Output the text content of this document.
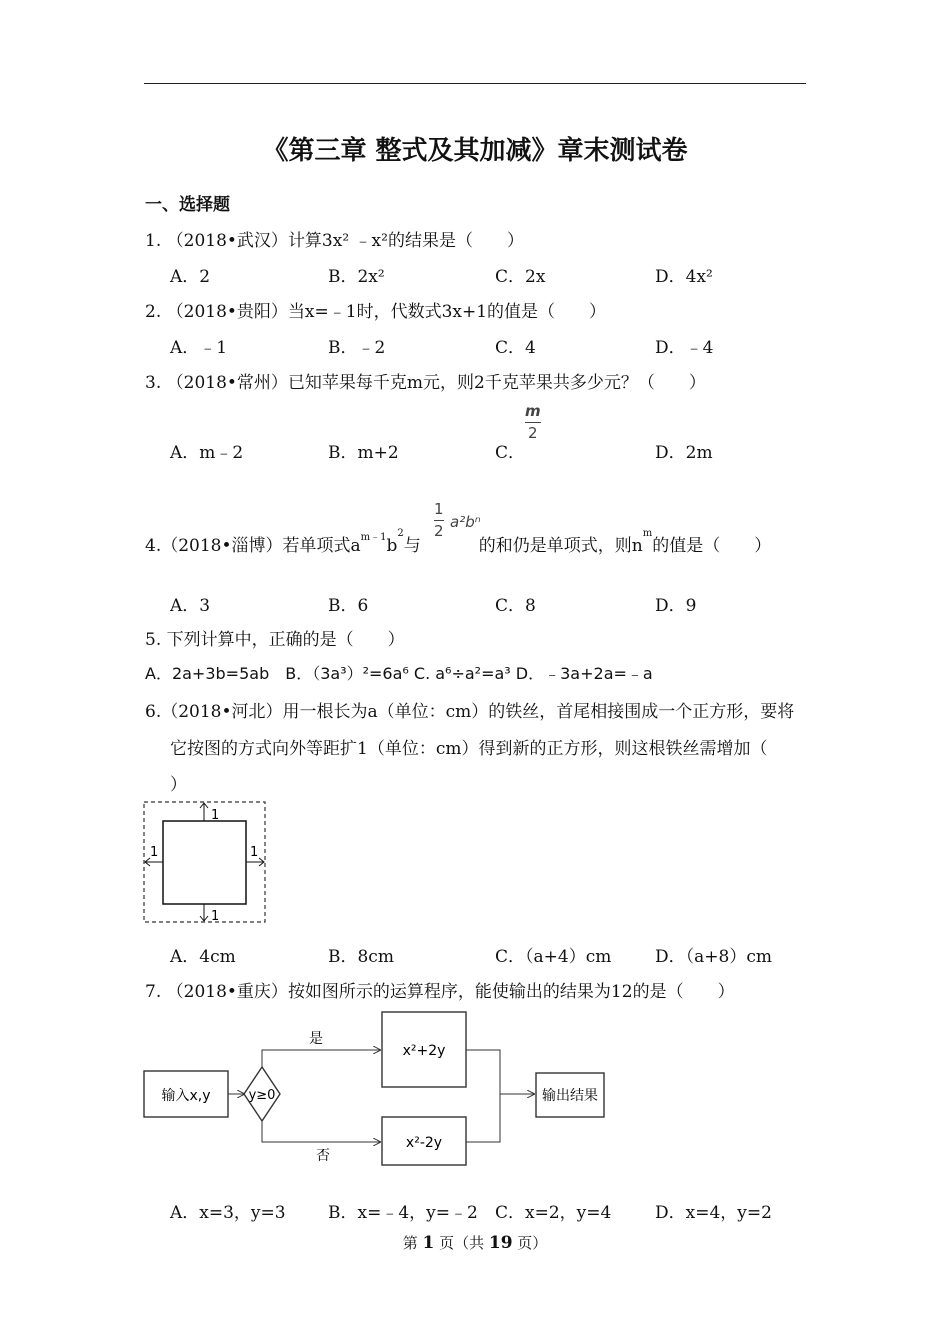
《第三章 整式及其加减》章末测试卷
一、选择题
1. （2018•武汉）计算3x² ﹣x²的结果是（　　）
A．2	B．2x²	C．2x	D．4x²
2. （2018•贵阳）当x=﹣1时，代数式3x+1的值是（　　）
A．﹣1	B．﹣2	C．4	D．﹣4
3. （2018•常州）已知苹果每千克m元，则2千克苹果共多少元？（　　）
A．m﹣2	B．m+2	C．
$\frac{m}{2}$
D．2m
4.（2018•淄博）若单项式$a^{m﹣1}b^2$与	的和仍是单项式，则$n^m$的值是（　　）
$\frac{1}{2} a^2b^n$
A．3	B．6	C．8	D．9
5. 下列计算中，正确的是（　　）
A．2a+3b=5ab　B．（3a³）²=6a⁶ C. a⁶÷a²=a³ D．﹣3a+2a=﹣a
6.（2018•河北）用一根长为a（单位：cm）的铁丝，首尾相接围成一个正方形，要将
它按图的方式向外等距扩1（单位：cm）得到新的正方形，则这根铁丝需增加（
）
1
1
1	1
A．4cm	B．8cm	C．（a+4）cm	D．（a+8）cm
7. （2018•重庆）按如图所示的运算程序，能使输出的结果为12的是（　　）
输入x,y	y≥0
是
否
x²+2y
x²-2y
输出结果
A．x=3，y=3 B．x=﹣4，y=﹣2 C．x=2，y=4	D．x=4，y=2
第 1 页（共 19 页）
